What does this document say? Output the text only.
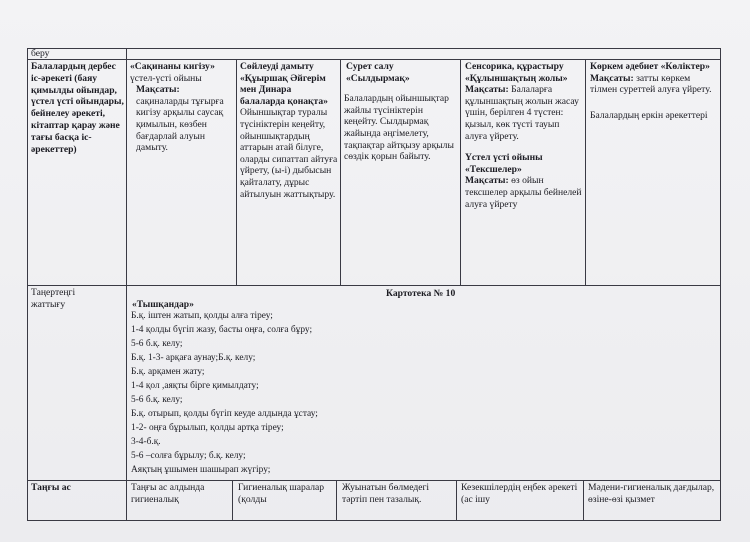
беру
Балалардың дербес іс-әрекеті (баяу қимылды ойындар, үстел үсті ойындары, бейнелеу әрекеті, кітаптар қарау және тағы басқа іс-әрекеттер)
«Сақинаны кигізу»
үстел-үсті ойыны
Мақсаты:
сақиналарды тұғырға кигізу арқылы саусақ қимылын, көзбен бағдарлай алуын дамыту.
Сөйлеуді дамыту «Құыршақ Әйгерім мен Динара балаларда қонақта»
Ойыншықтар туралы түсініктерін кеңейту, ойыншықтардың аттарын атай білуге, оларды сипаттап айтуға үйрету, (ы-і) дыбысын қайталату, дұрыс айтылуын жаттықтыру.
Сурет салу «Сылдырмақ»
Балалардың ойыншықтар жайлы түсініктерін кеңейту. Сылдырмақ жайында әңгімелету, тақпақтар айтқызу арқылы сөздік қорын байыту.
Сенсорика, құрастыру «Құлыншақтың жолы»
Мақсаты: Балаларға құлыншақтың жолын жасау үшін, берілген 4 түстен: қызыл, көк түсті тауып алуға үйрету.
Үстел үсті ойыны «Тексшелер»
Мақсаты: өз ойын тексшелер арқылы бейнелей алуға үйрету
Көркем әдебиет «Көліктер»
Мақсаты: затты көркем тілмен суреттей алуға үйрету.
Балалардың еркін әрекеттері
Таңертеңгі жаттығу
Картотека № 10
«Тышқандар»
Б.қ. іштен жатып, қолды алға тіреу;
1-4 қолды бүгіп жазу, басты оңға, солға бұру;
5-6 б.қ. келу;
Б.қ. 1-3- арқаға аунау;Б.қ. келу;
Б.қ. арқамен жату;
1-4 қол ,аяқты бірге қимылдату;
5-6 б.қ. келу;
Б.қ. отырып, қолды бүгіп кеуде алдында ұстау;
1-2- оңға бұрылып, қолды артқа тіреу;
3-4-б.қ.
5-6 –солға бұрылу; б.қ. келу;
Аяқтың ұшымен шашырап жүгіру;
Таңғы ас	Таңғы ас алдында гигиеналық
Гигиеналық шаралар (қолды
Жуынатын бөлмедегі тәртіп пен тазалық.
Кезекшілердің еңбек әрекеті (ас ішу
Мәдени-гигиеналық дағдылар, өзіне-өзі қызмет
